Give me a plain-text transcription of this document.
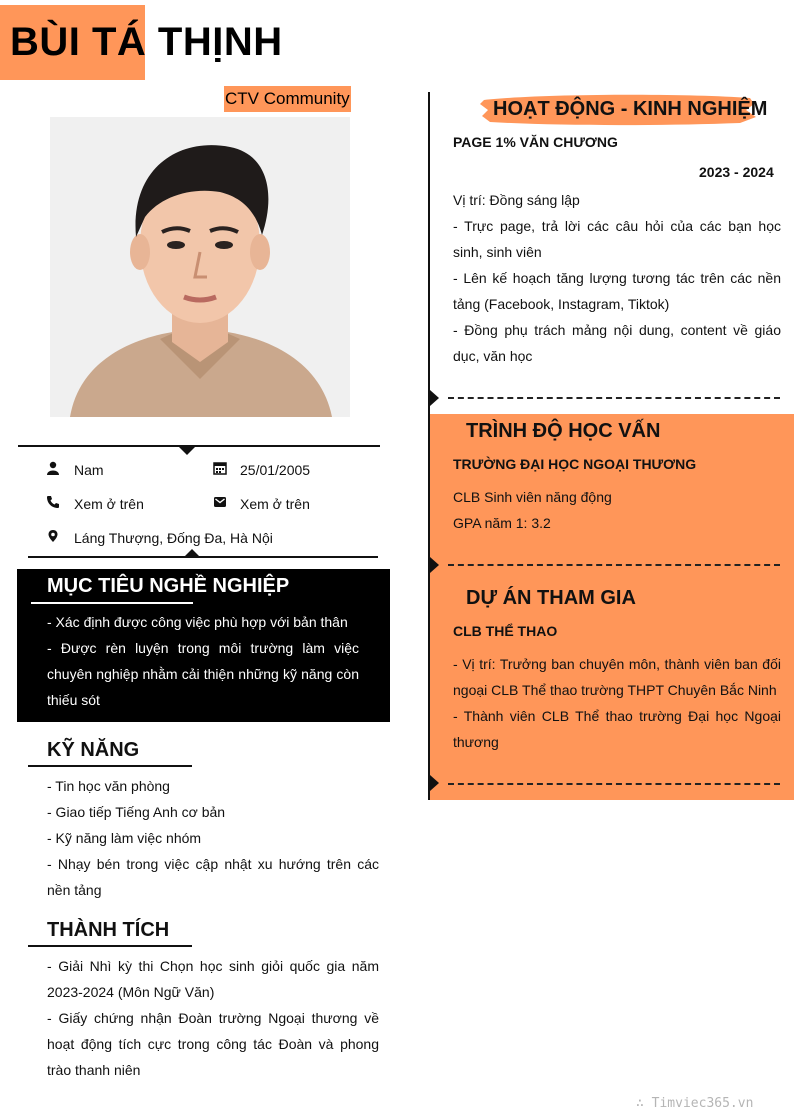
BÙI TÁ THỊNH
CTV Community
Nam	25/01/2005
Xem ở trên	Xem ở trên
Láng Thượng, Đống Đa, Hà Nội
MỤC TIÊU NGHỀ NGHIỆP
- Xác định được công việc phù hợp với bản thân
- Được rèn luyện trong môi trường làm việc chuyên nghiệp nhằm cải thiện những kỹ năng còn thiếu sót
KỸ NĂNG
- Tin học văn phòng
- Giao tiếp Tiếng Anh cơ bản
- Kỹ năng làm việc nhóm
- Nhạy bén trong việc cập nhật xu hướng trên các nền tảng
THÀNH TÍCH
- Giải Nhì kỳ thi Chọn học sinh giỏi quốc gia năm 2023-2024 (Môn Ngữ Văn)
- Giấy chứng nhận Đoàn trường Ngoại thương về hoạt động tích cực trong công tác Đoàn và phong trào thanh niên
HOẠT ĐỘNG - KINH NGHIỆM
PAGE 1% VĂN CHƯƠNG
2023 - 2024
Vị trí: Đồng sáng lập
- Trực page, trả lời các câu hỏi của các bạn học sinh, sinh viên
- Lên kế hoạch tăng lượng tương tác trên các nền tảng (Facebook, Instagram, Tiktok)
- Đồng phụ trách mảng nội dung, content về giáo dục, văn học
TRÌNH ĐỘ HỌC VẤN
TRƯỜNG ĐẠI HỌC NGOẠI THƯƠNG
CLB Sinh viên năng động
GPA năm 1: 3.2
DỰ ÁN THAM GIA
CLB THỂ THAO
- Vị trí: Trưởng ban chuyên môn, thành viên ban đối ngoại CLB Thể thao trường THPT Chuyên Bắc Ninh
- Thành viên CLB Thể thao trường Đại học Ngoại thương
∴ Timviec365.vn
